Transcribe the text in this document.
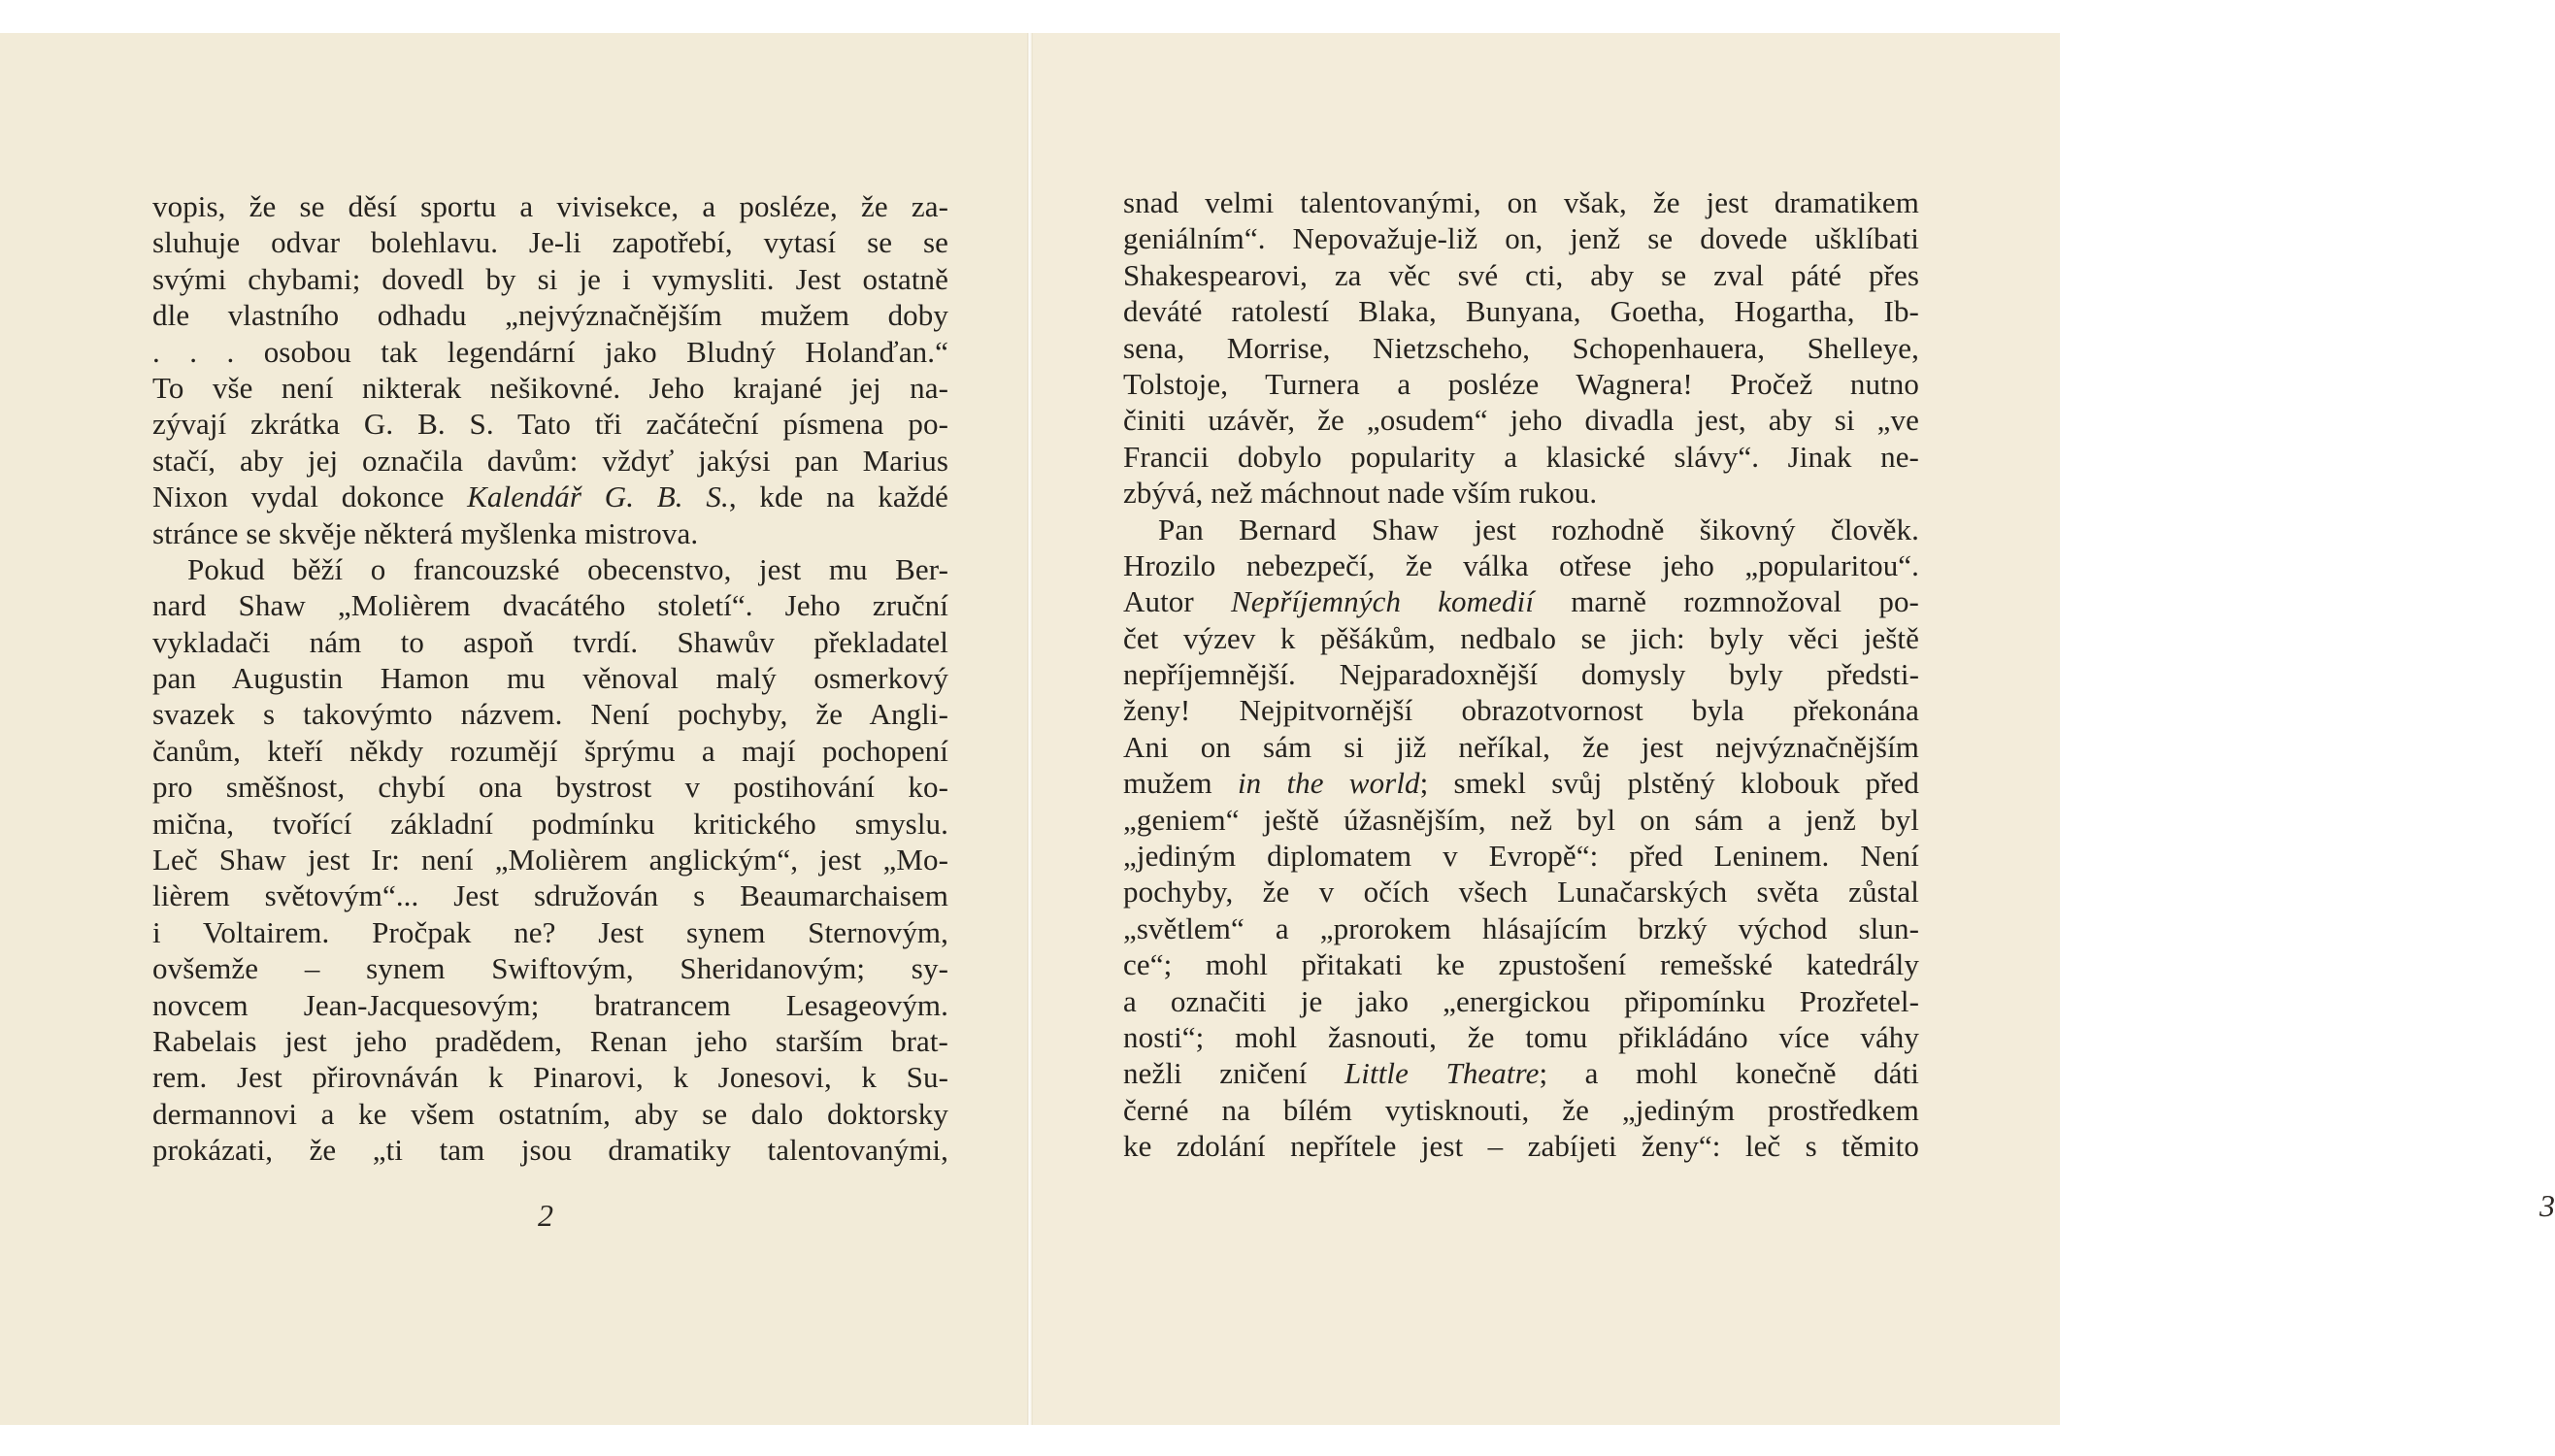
vopis, že se děsí sportu a vivisekce, a posléze, že za-
sluhuje odvar bolehlavu. Je-li zapotřebí, vytasí se se
svými chybami; dovedl by si je i vymysliti. Jest ostatně
dle vlastního odhadu „nejvýznačnějším mužem doby
. . . osobou tak legendární jako Bludný Holanďan.“
To vše není nikterak nešikovné. Jeho krajané jej na-
zývají zkrátka G. B. S. Tato tři začáteční písmena po-
stačí, aby jej označila davům: vždyť jakýsi pan Marius
Nixon vydal dokonce Kalendář G. B. S., kde na každé
stránce se skvěje některá myšlenka mistrova.
Pokud běží o francouzské obecenstvo, jest mu Ber-
nard Shaw „Molièrem dvacátého století“. Jeho zruční
vykladači nám to aspoň tvrdí. Shawův překladatel
pan Augustin Hamon mu věnoval malý osmerkový
svazek s takovýmto názvem. Není pochyby, že Angli-
čanům, kteří někdy rozumějí šprýmu a mají pochopení
pro směšnost, chybí ona bystrost v postihování ko-
mična, tvořící základní podmínku kritického smyslu.
Leč Shaw jest Ir: není „Molièrem anglickým“, jest „Mo-
lièrem světovým“... Jest sdružován s Beaumarchaisem
i Voltairem. Pročpak ne? Jest synem Sternovým,
ovšemže – synem Swiftovým, Sheridanovým; sy-
novcem Jean-Jacquesovým; bratrancem Lesageovým.
Rabelais jest jeho pradědem, Renan jeho starším brat-
rem. Jest přirovnáván k Pinarovi, k Jonesovi, k Su-
dermannovi a ke všem ostatním, aby se dalo doktorsky
prokázati, že „ti tam jsou dramatiky talentovanými,
2
snad velmi talentovanými, on však, že jest dramatikem
geniálním“. Nepovažuje-liž on, jenž se dovede ušklíbati
Shakespearovi, za věc své cti, aby se zval páté přes
deváté ratolestí Blaka, Bunyana, Goetha, Hogartha, Ib-
sena, Morrise, Nietzscheho, Schopenhauera, Shelleye,
Tolstoje, Turnera a posléze Wagnera! Pročež nutno
činiti uzávěr, že „osudem“ jeho divadla jest, aby si „ve
Francii dobylo popularity a klasické slávy“. Jinak ne-
zbývá, než máchnout nade vším rukou.
Pan Bernard Shaw jest rozhodně šikovný člověk.
Hrozilo nebezpečí, že válka otřese jeho „popularitou“.
Autor Nepříjemných komedií marně rozmnožoval po-
čet výzev k pěšákům, nedbalo se jich: byly věci ještě
nepříjemnější. Nejparadoxnější domysly byly předsti-
ženy! Nejpitvornější obrazotvornost byla překonána
Ani on sám si již neříkal, že jest nejvýznačnějším
mužem in the world; smekl svůj plstěný klobouk před
„geniem“ ještě úžasnějším, než byl on sám a jenž byl
„jediným diplomatem v Evropě“: před Leninem. Není
pochyby, že v očích všech Lunačarských světa zůstal
„světlem“ a „prorokem hlásajícím brzký východ slun-
ce“; mohl přitakati ke zpustošení remešské katedrály
a označiti je jako „energickou připomínku Prozřetel-
nosti“; mohl žasnouti, že tomu přikládáno více váhy
nežli zničení Little Theatre; a mohl konečně dáti
černé na bílém vytisknouti, že „jediným prostředkem
ke zdolání nepřítele jest – zabíjeti ženy“: leč s těmito
3
